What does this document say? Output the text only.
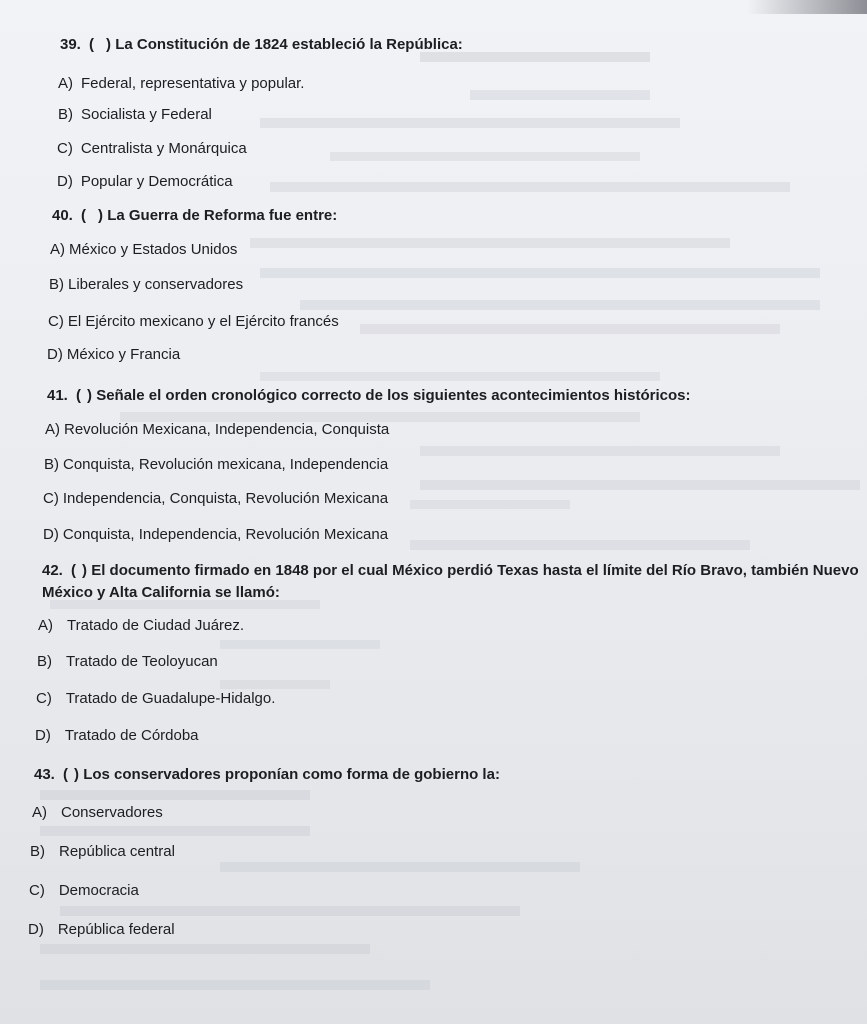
39. ( ) La Constitución de 1824 estableció la República:
A) Federal, representativa y popular.
B) Socialista y Federal
C) Centralista y Monárquica
D) Popular y Democrática
40. ( ) La Guerra de Reforma fue entre:
A) México y Estados Unidos
B) Liberales y conservadores
C) El Ejército mexicano y el Ejército francés
D) México y Francia
41. ( ) Señale el orden cronológico correcto de los siguientes acontecimientos históricos:
A) Revolución Mexicana, Independencia, Conquista
B) Conquista, Revolución mexicana, Independencia
C) Independencia, Conquista, Revolución Mexicana
D) Conquista, Independencia, Revolución Mexicana
42. ( ) El documento firmado en 1848 por el cual México perdió Texas hasta el límite del Río Bravo, también Nuevo
México y Alta California se llamó:
A) Tratado de Ciudad Juárez.
B) Tratado de Teoloyucan
C) Tratado de Guadalupe-Hidalgo.
D) Tratado de Córdoba
43. ( ) Los conservadores proponían como forma de gobierno la:
A) Conservadores
B) República central
C) Democracia
D) República federal
